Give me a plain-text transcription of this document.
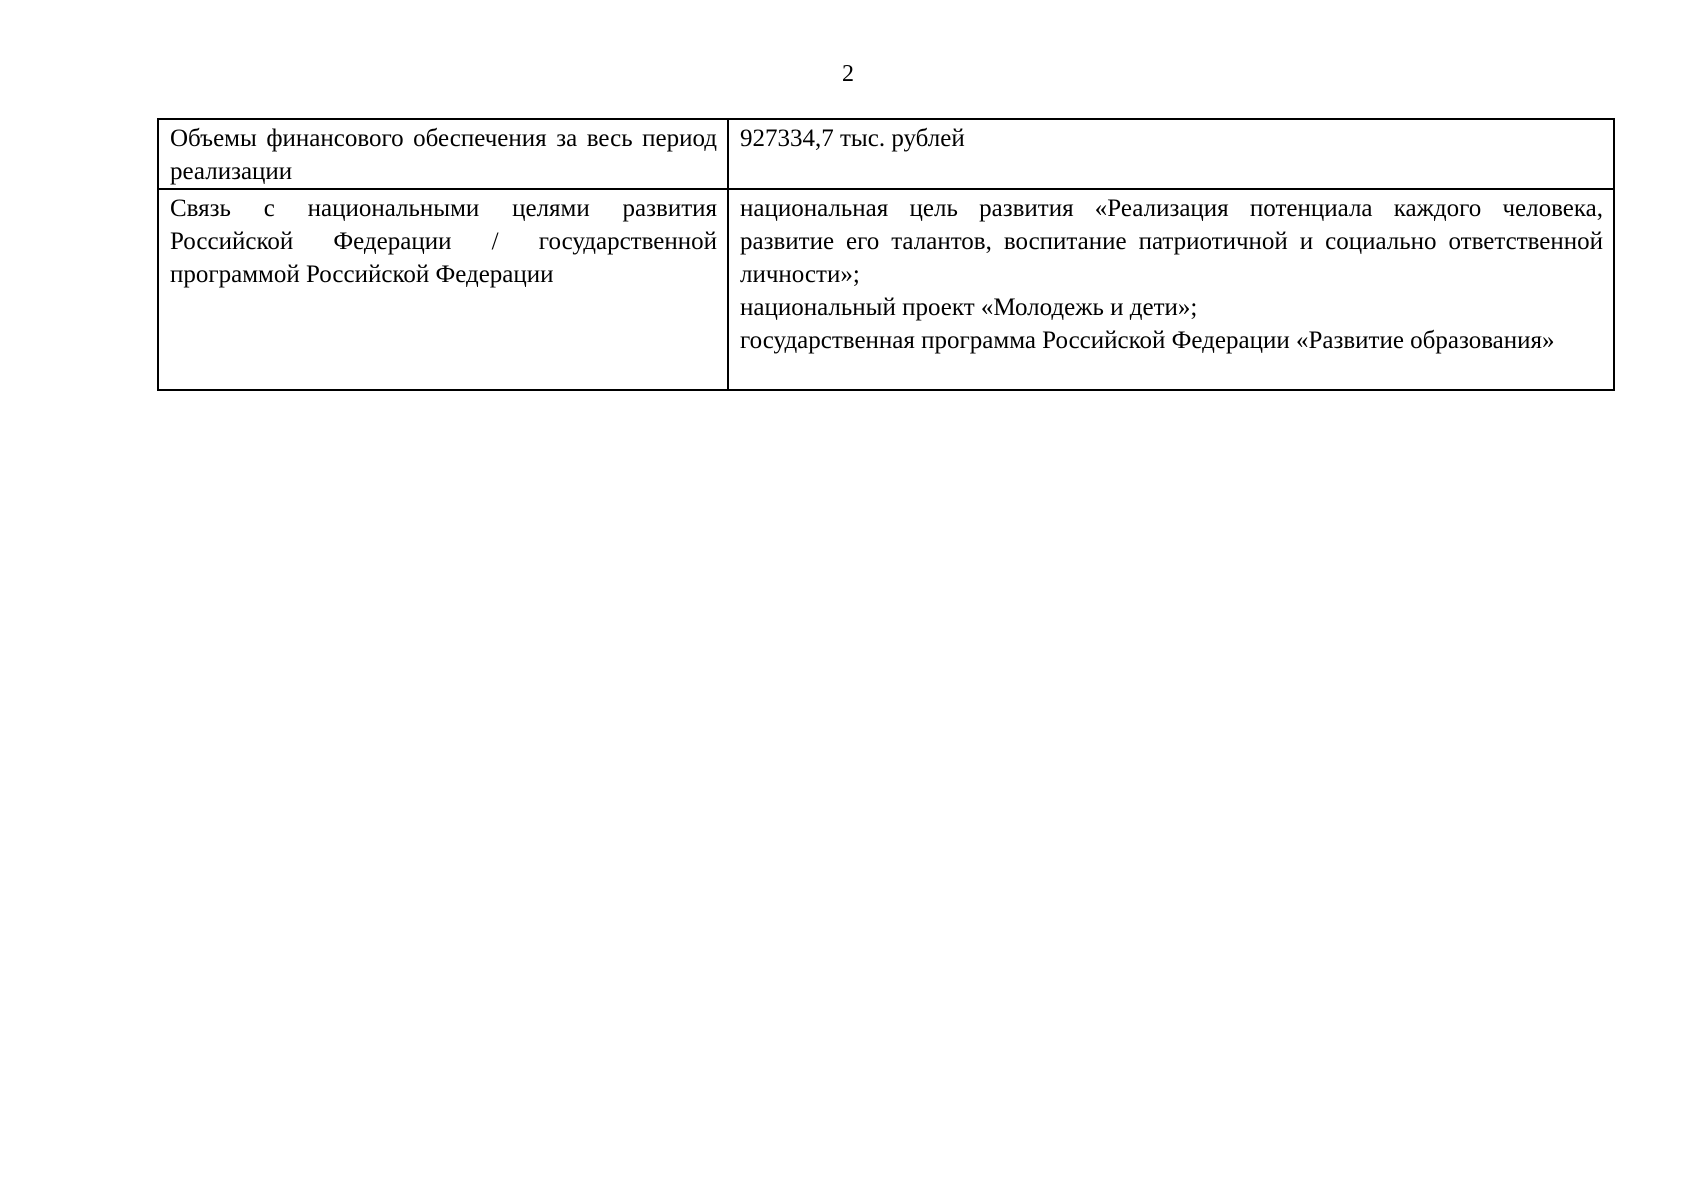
2
Объемы финансового обеспечения за весь период реализации	927334,7 тыс. рублей

Связь с национальными целями развития Российской Федерации / государственной программой Российской Федерации	национальная цель развития «Реализация потенциала каждого человека, развитие его талантов, воспитание патриотичной и социально ответственной личности»;
национальный проект «Молодежь и дети»;
государственная программа Российской Федерации «Развитие образования»
